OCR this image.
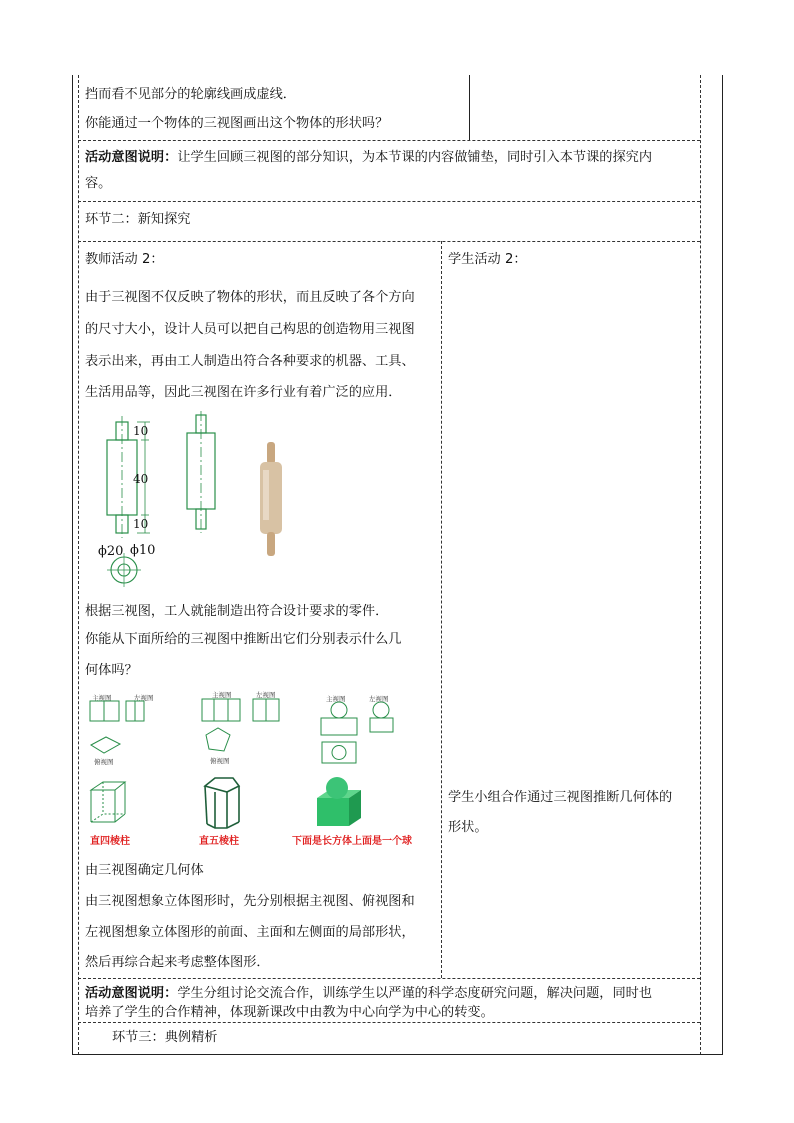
挡而看不见部分的轮廓线画成虚线．
你能通过一个物体的三视图画出这个物体的形状吗？
活动意图说明：让学生回顾三视图的部分知识，为本节课的内容做铺垫，同时引入本节课的探究内
容。
环节二：新知探究
教师活动 2：
由于三视图不仅反映了物体的形状，而且反映了各个方向
的尺寸大小，设计人员可以把自己构思的创造物用三视图
表示出来，再由工人制造出符合各种要求的机器、工具、
生活用品等，因此三视图在许多行业有着广泛的应用．
10
40
10
ϕ20 ϕ10
根据三视图，工人就能制造出符合设计要求的零件．
你能从下面所给的三视图中推断出它们分别表示什么几
何体吗？
主视图	左视图
俯视图
主视图	左视图
俯视图
主视图	左视图
直四棱柱	直五棱柱	下面是长方体上面是一个球
由三视图确定几何体
由三视图想象立体图形时，先分别根据主视图、俯视图和
左视图想象立体图形的前面、主面和左侧面的局部形状，
然后再综合起来考虑整体图形．
学生活动 2：
学生小组合作通过三视图推断几何体的
形状。
活动意图说明：学生分组讨论交流合作，训练学生以严谨的科学态度研究问题，解决问题，同时也
培养了学生的合作精神，体现新课改中由教为中心向学为中心的转变。
环节三：典例精析
